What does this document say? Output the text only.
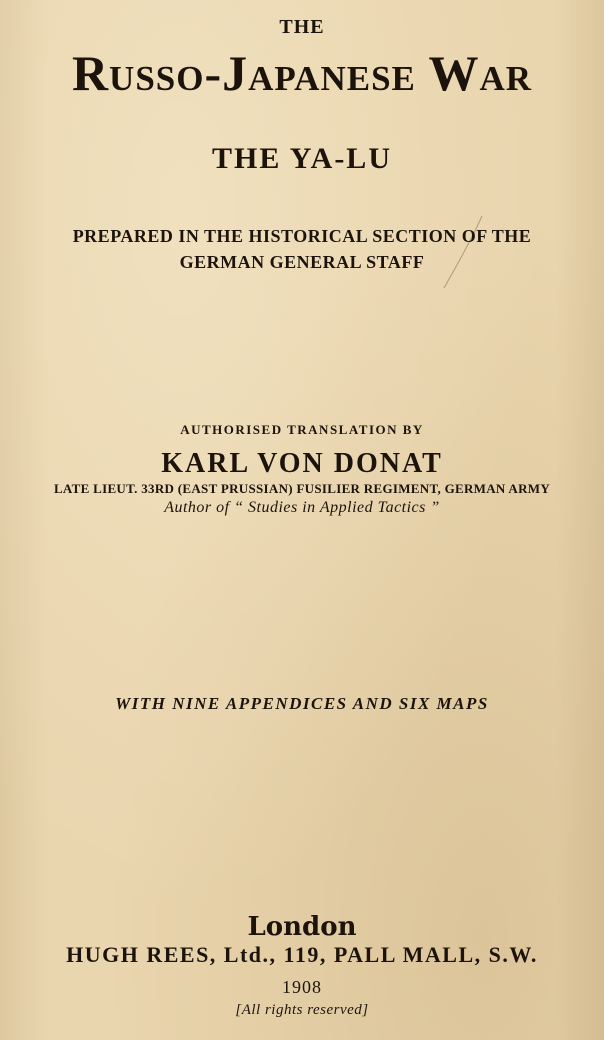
THE

Russo-Japanese War

THE YA-LU

PREPARED IN THE HISTORICAL SECTION OF THE

GERMAN GENERAL STAFF

AUTHORISED TRANSLATION BY

KARL VON DONAT

LATE LIEUT. 33RD (EAST PRUSSIAN) FUSILIER REGIMENT, GERMAN ARMY

Author of “ Studies in Applied Tactics ”

WITH NINE APPENDICES AND SIX MAPS

London

HUGH REES, Ltd., 119, PALL MALL, S.W.

1908

[All rights reserved]
